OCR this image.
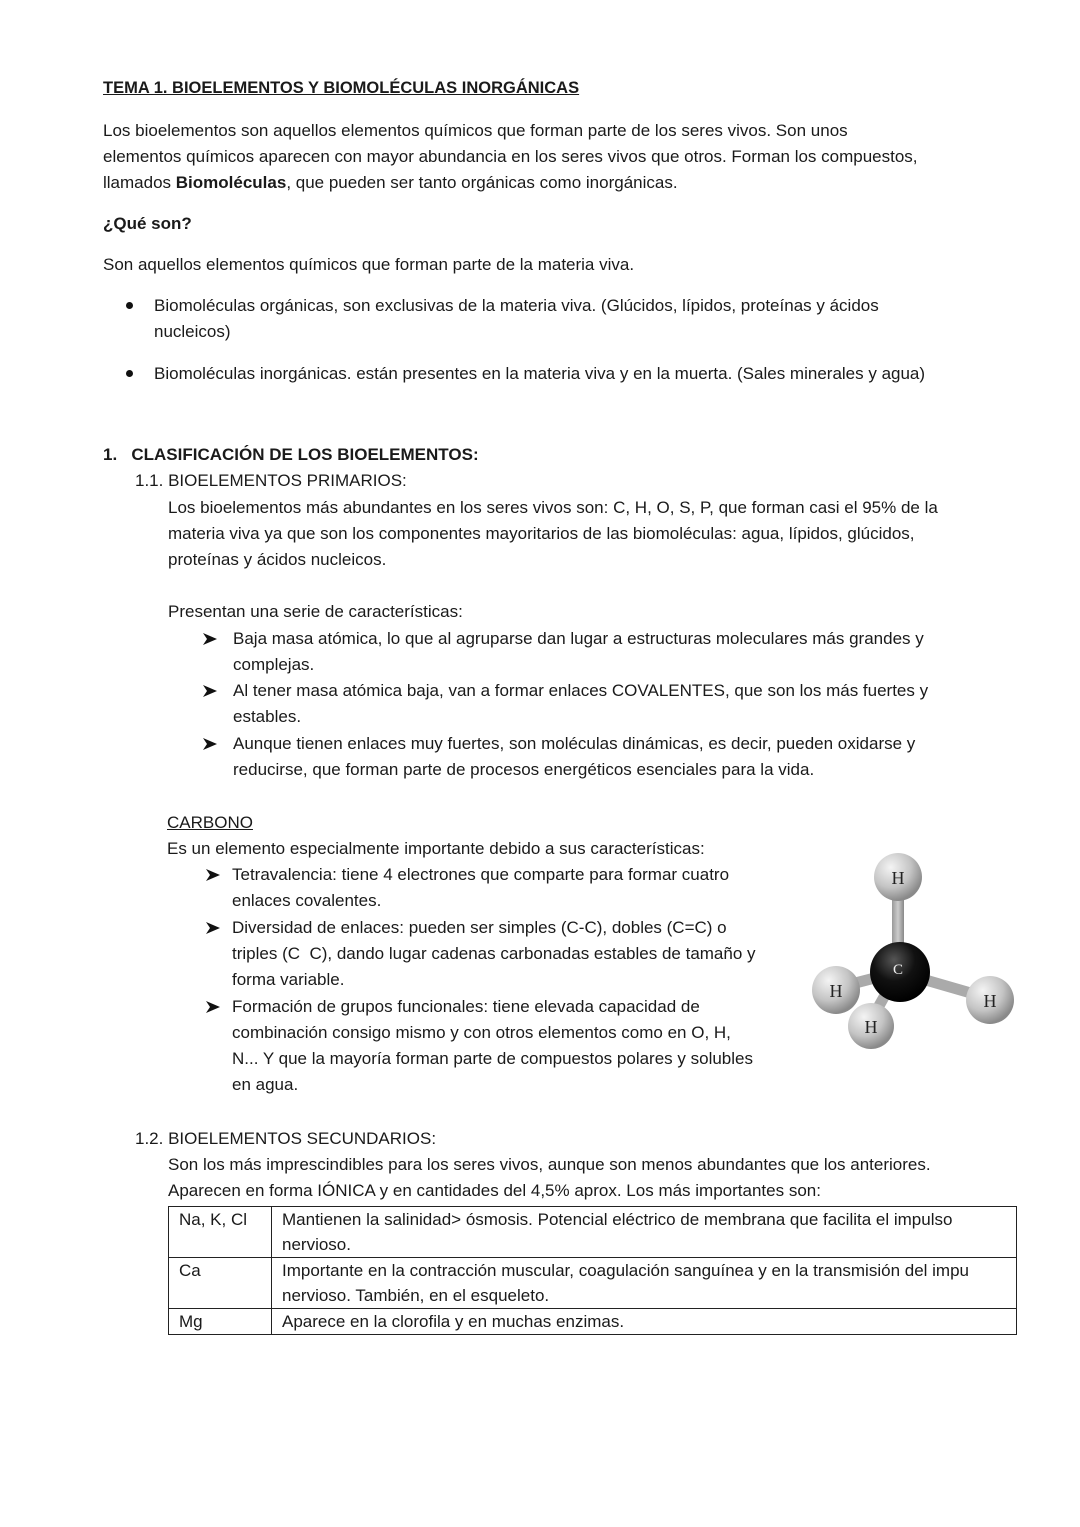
TEMA 1. BIOELEMENTOS Y BIOMOLÉCULAS INORGÁNICAS
Los bioelementos son aquellos elementos químicos que forman parte de los seres vivos. Son unos
elementos químicos aparecen con mayor abundancia en los seres vivos que otros. Forman los compuestos,
llamados Biomoléculas, que pueden ser tanto orgánicas como inorgánicas.
¿Qué son?
Son aquellos elementos químicos que forman parte de la materia viva.
Biomoléculas orgánicas, son exclusivas de la materia viva. (Glúcidos, lípidos, proteínas y ácidos
nucleicos)
Biomoléculas inorgánicas. están presentes en la materia viva y en la muerta. (Sales minerales y agua)
1.   CLASIFICACIÓN DE LOS BIOELEMENTOS:
1.1. BIOELEMENTOS PRIMARIOS:
Los bioelementos más abundantes en los seres vivos son: C, H, O, S, P, que forman casi el 95% de la
materia viva ya que son los componentes mayoritarios de las biomoléculas: agua, lípidos, glúcidos,
proteínas y ácidos nucleicos.
Presentan una serie de características:
Baja masa atómica, lo que al agruparse dan lugar a estructuras moleculares más grandes y
complejas.
Al tener masa atómica baja, van a formar enlaces COVALENTES, que son los más fuertes y
estables.
Aunque tienen enlaces muy fuertes, son moléculas dinámicas, es decir, pueden oxidarse y
reducirse, que forman parte de procesos energéticos esenciales para la vida.
CARBONO
Es un elemento especialmente importante debido a sus características:
Tetravalencia: tiene 4 electrones que comparte para formar cuatro
enlaces covalentes.
Diversidad de enlaces: pueden ser simples (C-C), dobles (C=C) o
triples (C  C), dando lugar cadenas carbonadas estables de tamaño y
forma variable.
Formación de grupos funcionales: tiene elevada capacidad de
combinación consigo mismo y con otros elementos como en O, H,
N... Y que la mayoría forman parte de compuestos polares y solubles
en agua.
H
C
H	H
H
1.2. BIOELEMENTOS SECUNDARIOS:
Son los más imprescindibles para los seres vivos, aunque son menos abundantes que los anteriores.
Aparecen en forma IÓNICA y en cantidades del 4,5% aprox. Los más importantes son:
Na, K, Cl	Mantienen la salinidad> ósmosis. Potencial eléctrico de membrana que facilita el impulso
nervioso.

Ca	Importante en la contracción muscular, coagulación sanguínea y en la transmisión del impu
nervioso. También, en el esqueleto.

Mg	Aparece en la clorofila y en muchas enzimas.
